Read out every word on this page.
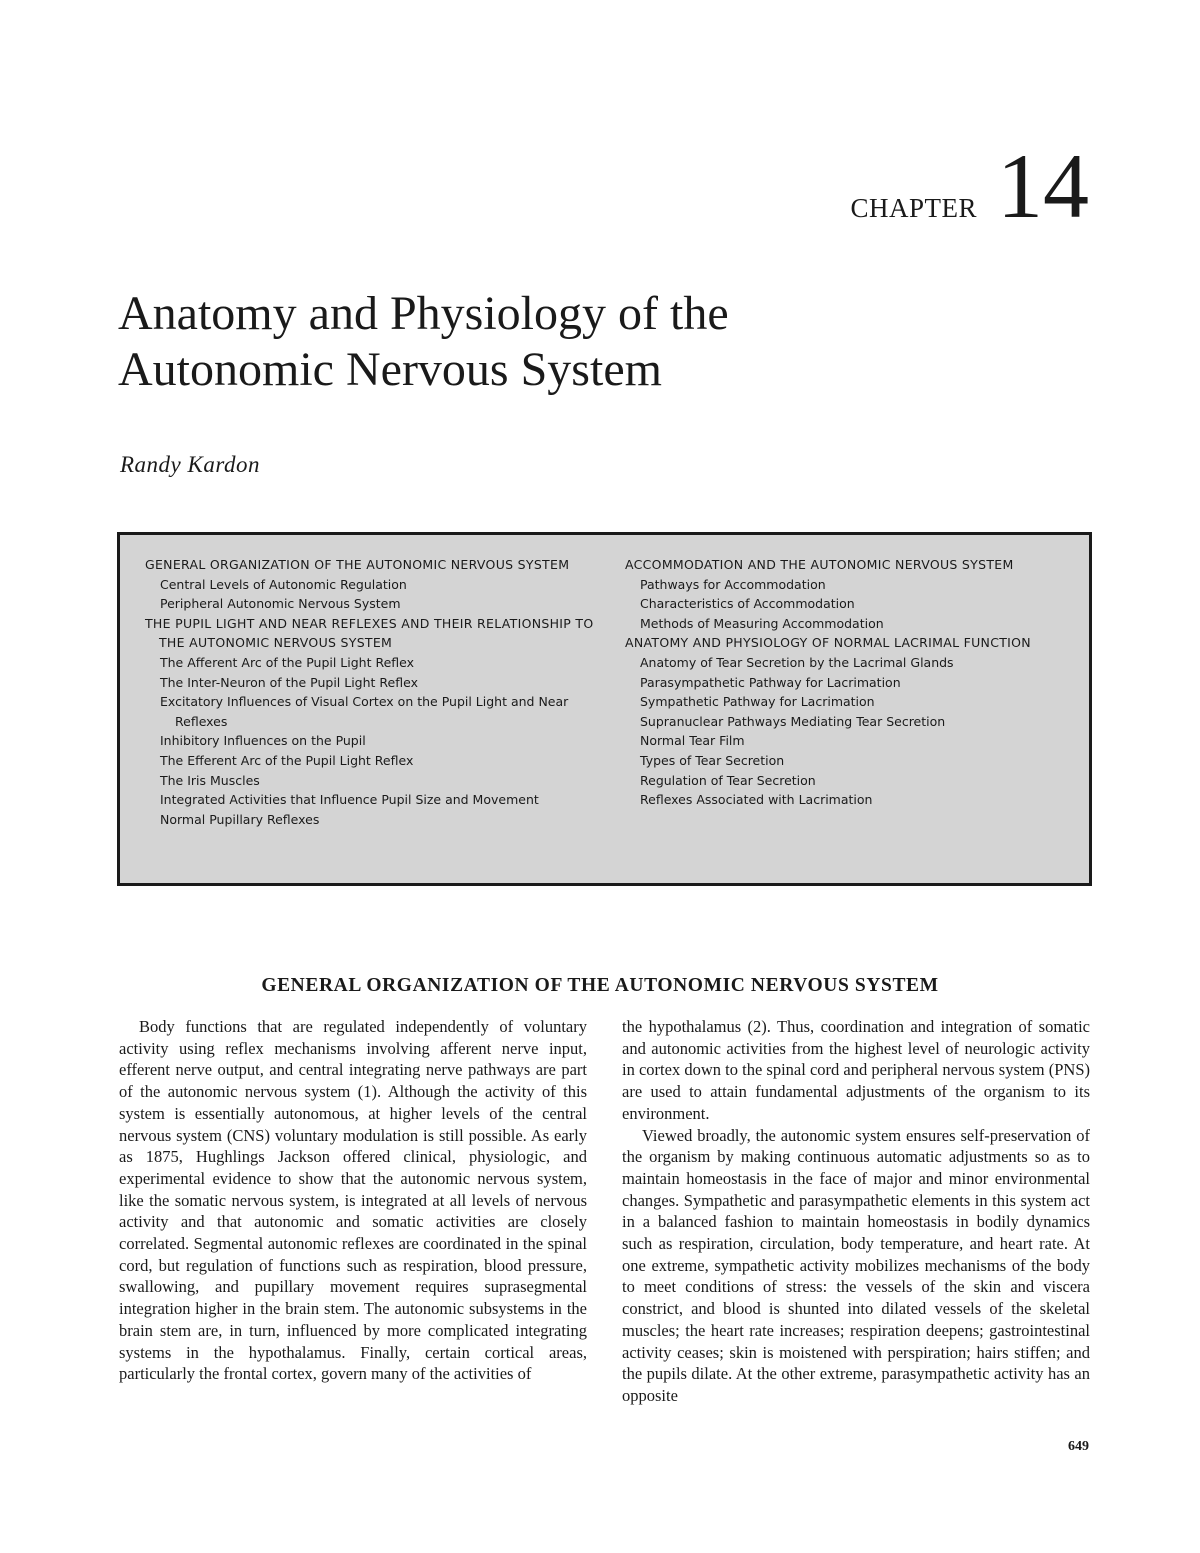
CHAPTER 14
Anatomy and Physiology of the
Autonomic Nervous System
Randy Kardon
GENERAL ORGANIZATION OF THE AUTONOMIC NERVOUS SYSTEM
Central Levels of Autonomic Regulation
Peripheral Autonomic Nervous System
THE PUPIL LIGHT AND NEAR REFLEXES AND THEIR RELATIONSHIP TO THE AUTONOMIC NERVOUS SYSTEM
The Afferent Arc of the Pupil Light Reflex
The Inter-Neuron of the Pupil Light Reflex
Excitatory Influences of Visual Cortex on the Pupil Light and Near Reflexes
Inhibitory Influences on the Pupil
The Efferent Arc of the Pupil Light Reflex
The Iris Muscles
Integrated Activities that Influence Pupil Size and Movement
Normal Pupillary Reflexes
ACCOMMODATION AND THE AUTONOMIC NERVOUS SYSTEM
Pathways for Accommodation
Characteristics of Accommodation
Methods of Measuring Accommodation
ANATOMY AND PHYSIOLOGY OF NORMAL LACRIMAL FUNCTION
Anatomy of Tear Secretion by the Lacrimal Glands
Parasympathetic Pathway for Lacrimation
Sympathetic Pathway for Lacrimation
Supranuclear Pathways Mediating Tear Secretion
Normal Tear Film
Types of Tear Secretion
Regulation of Tear Secretion
Reflexes Associated with Lacrimation
GENERAL ORGANIZATION OF THE AUTONOMIC NERVOUS SYSTEM

Body functions that are regulated independently of voluntary activity using reflex mechanisms involving afferent nerve input, efferent nerve output, and central integrating nerve pathways are part of the autonomic nervous system (1). Although the activity of this system is essentially autonomous, at higher levels of the central nervous system (CNS) voluntary modulation is still possible. As early as 1875, Hughlings Jackson offered clinical, physiologic, and experimental evidence to show that the autonomic nervous system, like the somatic nervous system, is integrated at all levels of nervous activity and that autonomic and somatic activities are closely correlated. Segmental autonomic reflexes are coordinated in the spinal cord, but regulation of functions such as respiration, blood pressure, swallowing, and pupillary movement requires suprasegmental integration higher in the brain stem. The autonomic subsystems in the brain stem are, in turn, influenced by more complicated integrating systems in the hypothalamus. Finally, certain cortical areas, particularly the frontal cortex, govern many of the activities of

the hypothalamus (2). Thus, coordination and integration of somatic and autonomic activities from the highest level of neurologic activity in cortex down to the spinal cord and peripheral nervous system (PNS) are used to attain fundamental adjustments of the organism to its environment.

Viewed broadly, the autonomic system ensures self-preservation of the organism by making continuous automatic adjustments so as to maintain homeostasis in the face of major and minor environmental changes. Sympathetic and parasympathetic elements in this system act in a balanced fashion to maintain homeostasis in bodily dynamics such as respiration, circulation, body temperature, and heart rate. At one extreme, sympathetic activity mobilizes mechanisms of the body to meet conditions of stress: the vessels of the skin and viscera constrict, and blood is shunted into dilated vessels of the skeletal muscles; the heart rate increases; respiration deepens; gastrointestinal activity ceases; skin is moistened with perspiration; hairs stiffen; and the pupils dilate. At the other extreme, parasympathetic activity has an opposite

649
